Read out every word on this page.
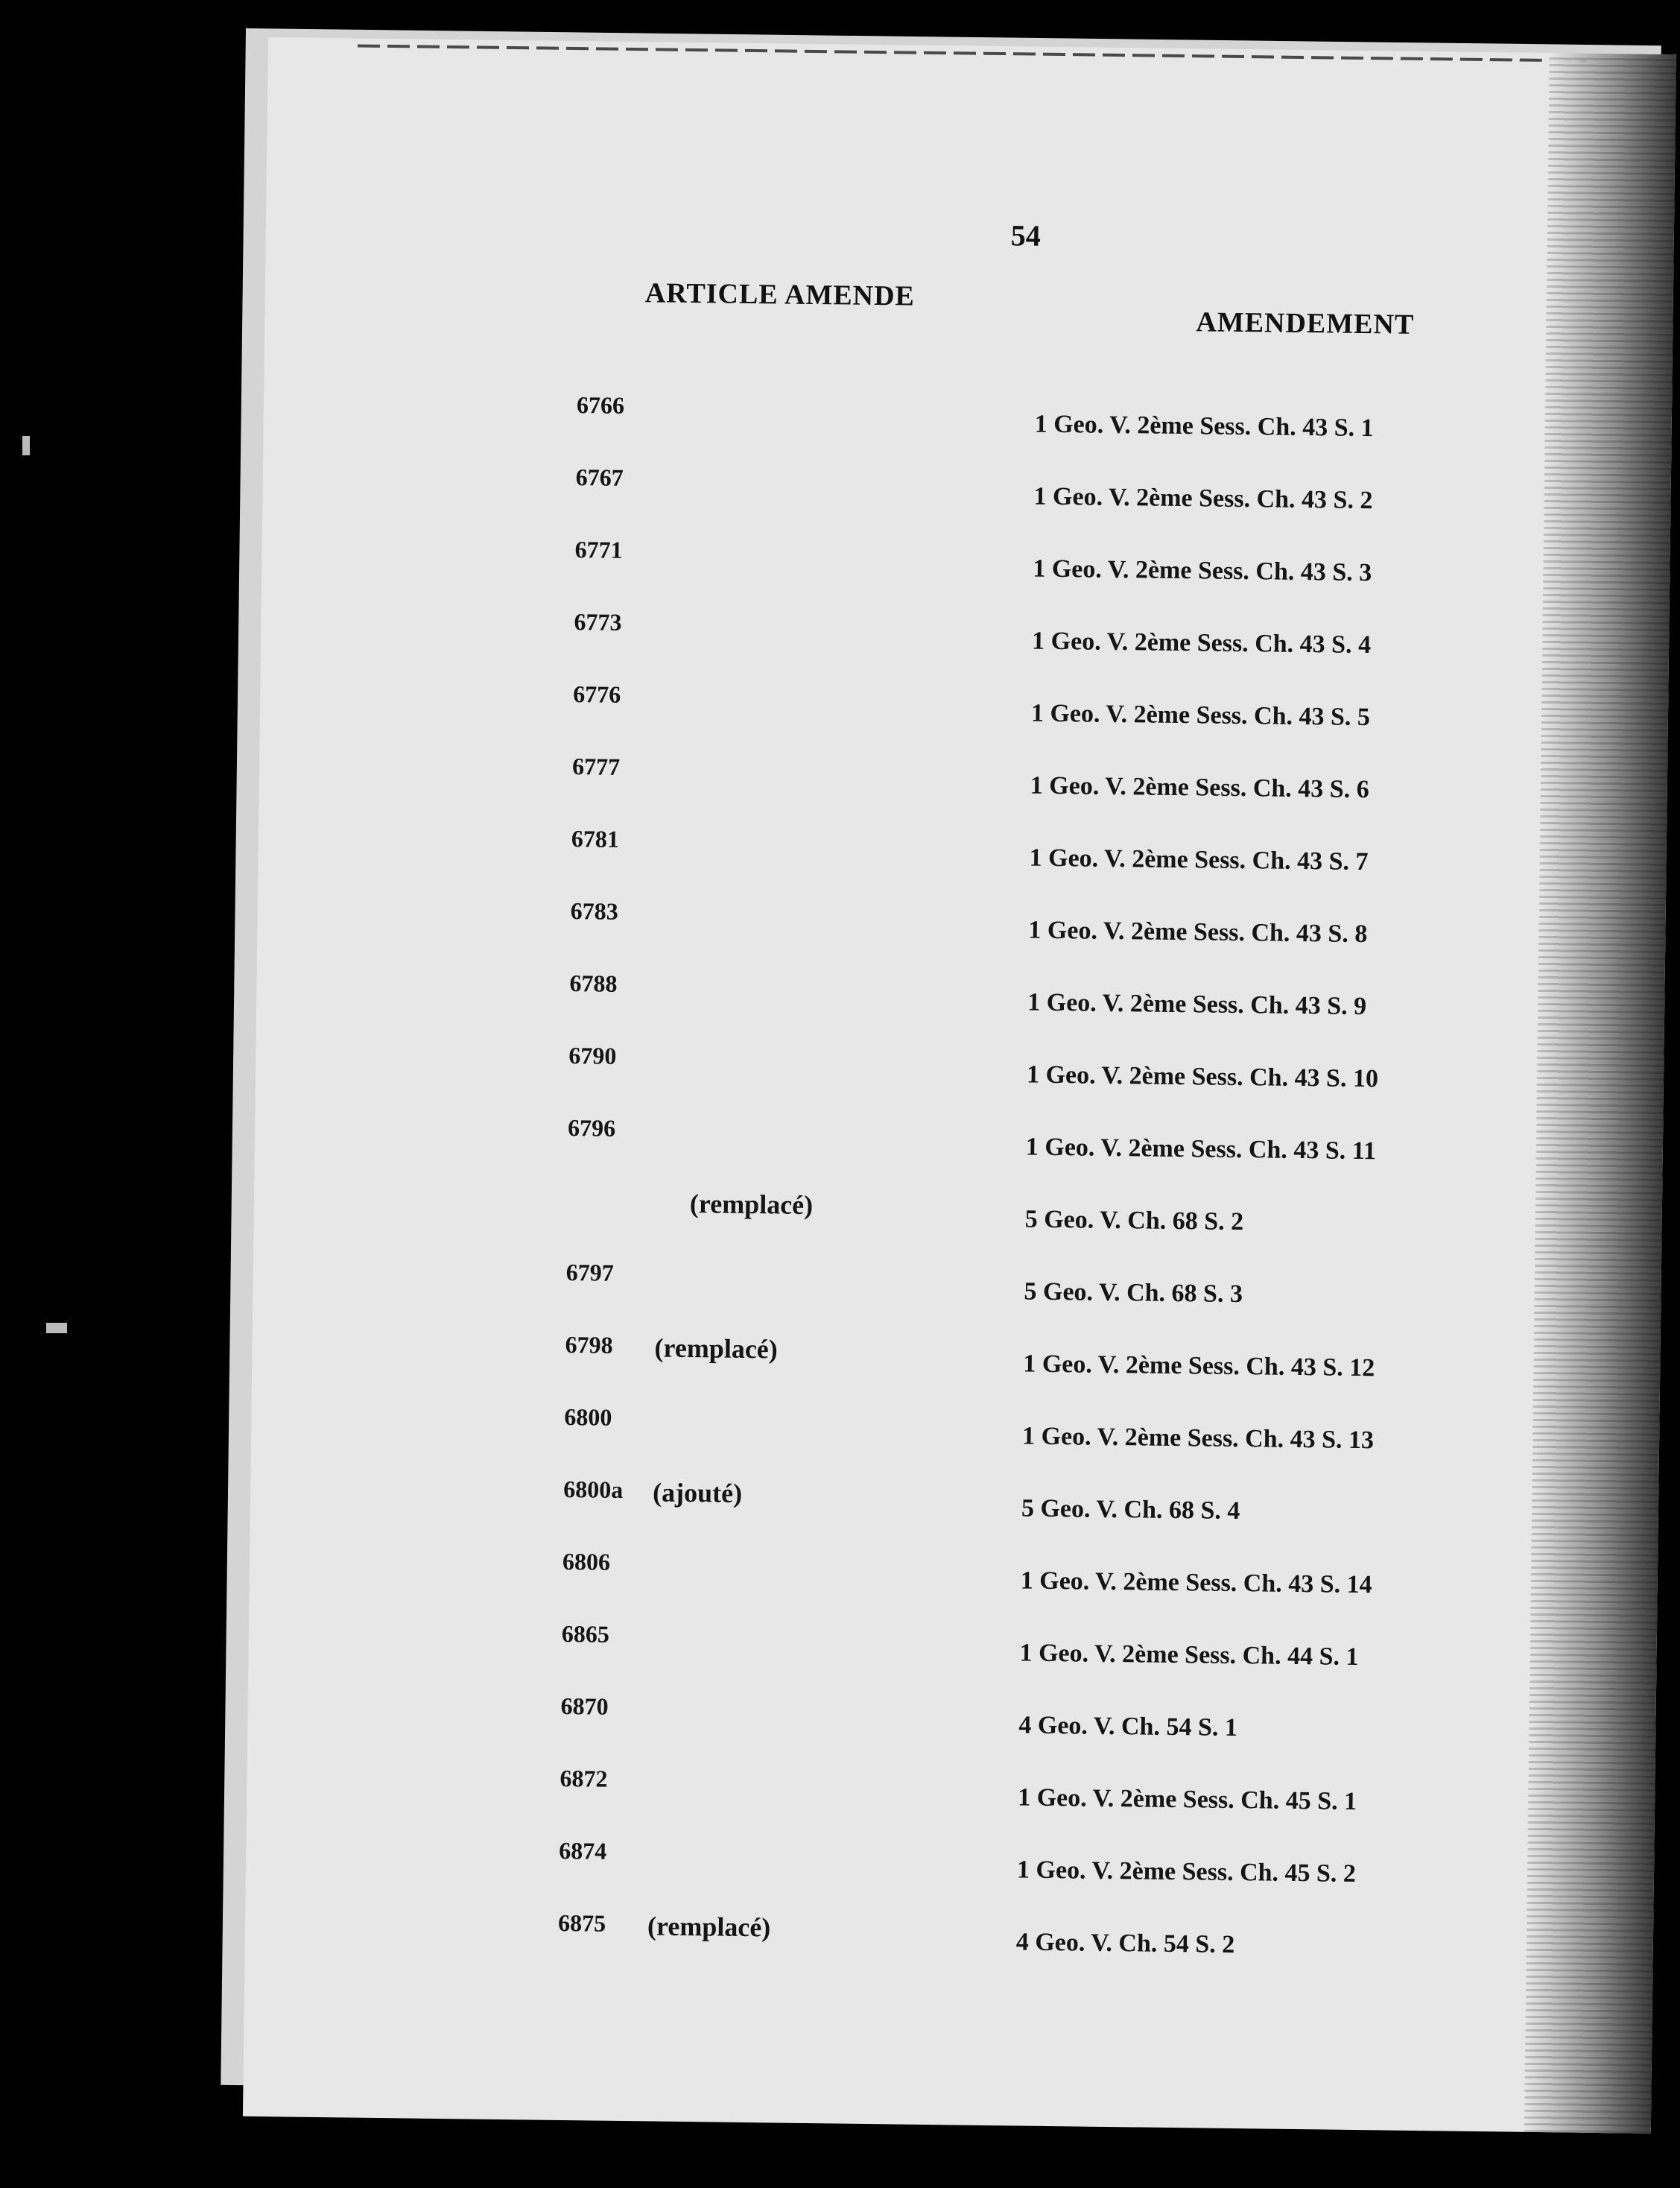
54
ARTICLE AMENDE
AMENDEMENT
6766
1 Geo. V. 2ème Sess. Ch. 43 S. 1
6767
1 Geo. V. 2ème Sess. Ch. 43 S. 2
6771
1 Geo. V. 2ème Sess. Ch. 43 S. 3
6773
1 Geo. V. 2ème Sess. Ch. 43 S. 4
6776
1 Geo. V. 2ème Sess. Ch. 43 S. 5
6777
1 Geo. V. 2ème Sess. Ch. 43 S. 6
6781
1 Geo. V. 2ème Sess. Ch. 43 S. 7
6783
1 Geo. V. 2ème Sess. Ch. 43 S. 8
6788
1 Geo. V. 2ème Sess. Ch. 43 S. 9
6790
1 Geo. V. 2ème Sess. Ch. 43 S. 10
6796
1 Geo. V. 2ème Sess. Ch. 43 S. 11
(remplacé)
5 Geo. V. Ch. 68 S. 2
6797
5 Geo. V. Ch. 68 S. 3
6798 (remplacé)
1 Geo. V. 2ème Sess. Ch. 43 S. 12
6800
1 Geo. V. 2ème Sess. Ch. 43 S. 13
6800a (ajouté)
5 Geo. V. Ch. 68 S. 4
6806
1 Geo. V. 2ème Sess. Ch. 43 S. 14
6865
1 Geo. V. 2ème Sess. Ch. 44 S. 1
6870
4 Geo. V. Ch. 54 S. 1
6872
1 Geo. V. 2ème Sess. Ch. 45 S. 1
6874
1 Geo. V. 2ème Sess. Ch. 45 S. 2
6875 (remplacé)
4 Geo. V. Ch. 54 S. 2
